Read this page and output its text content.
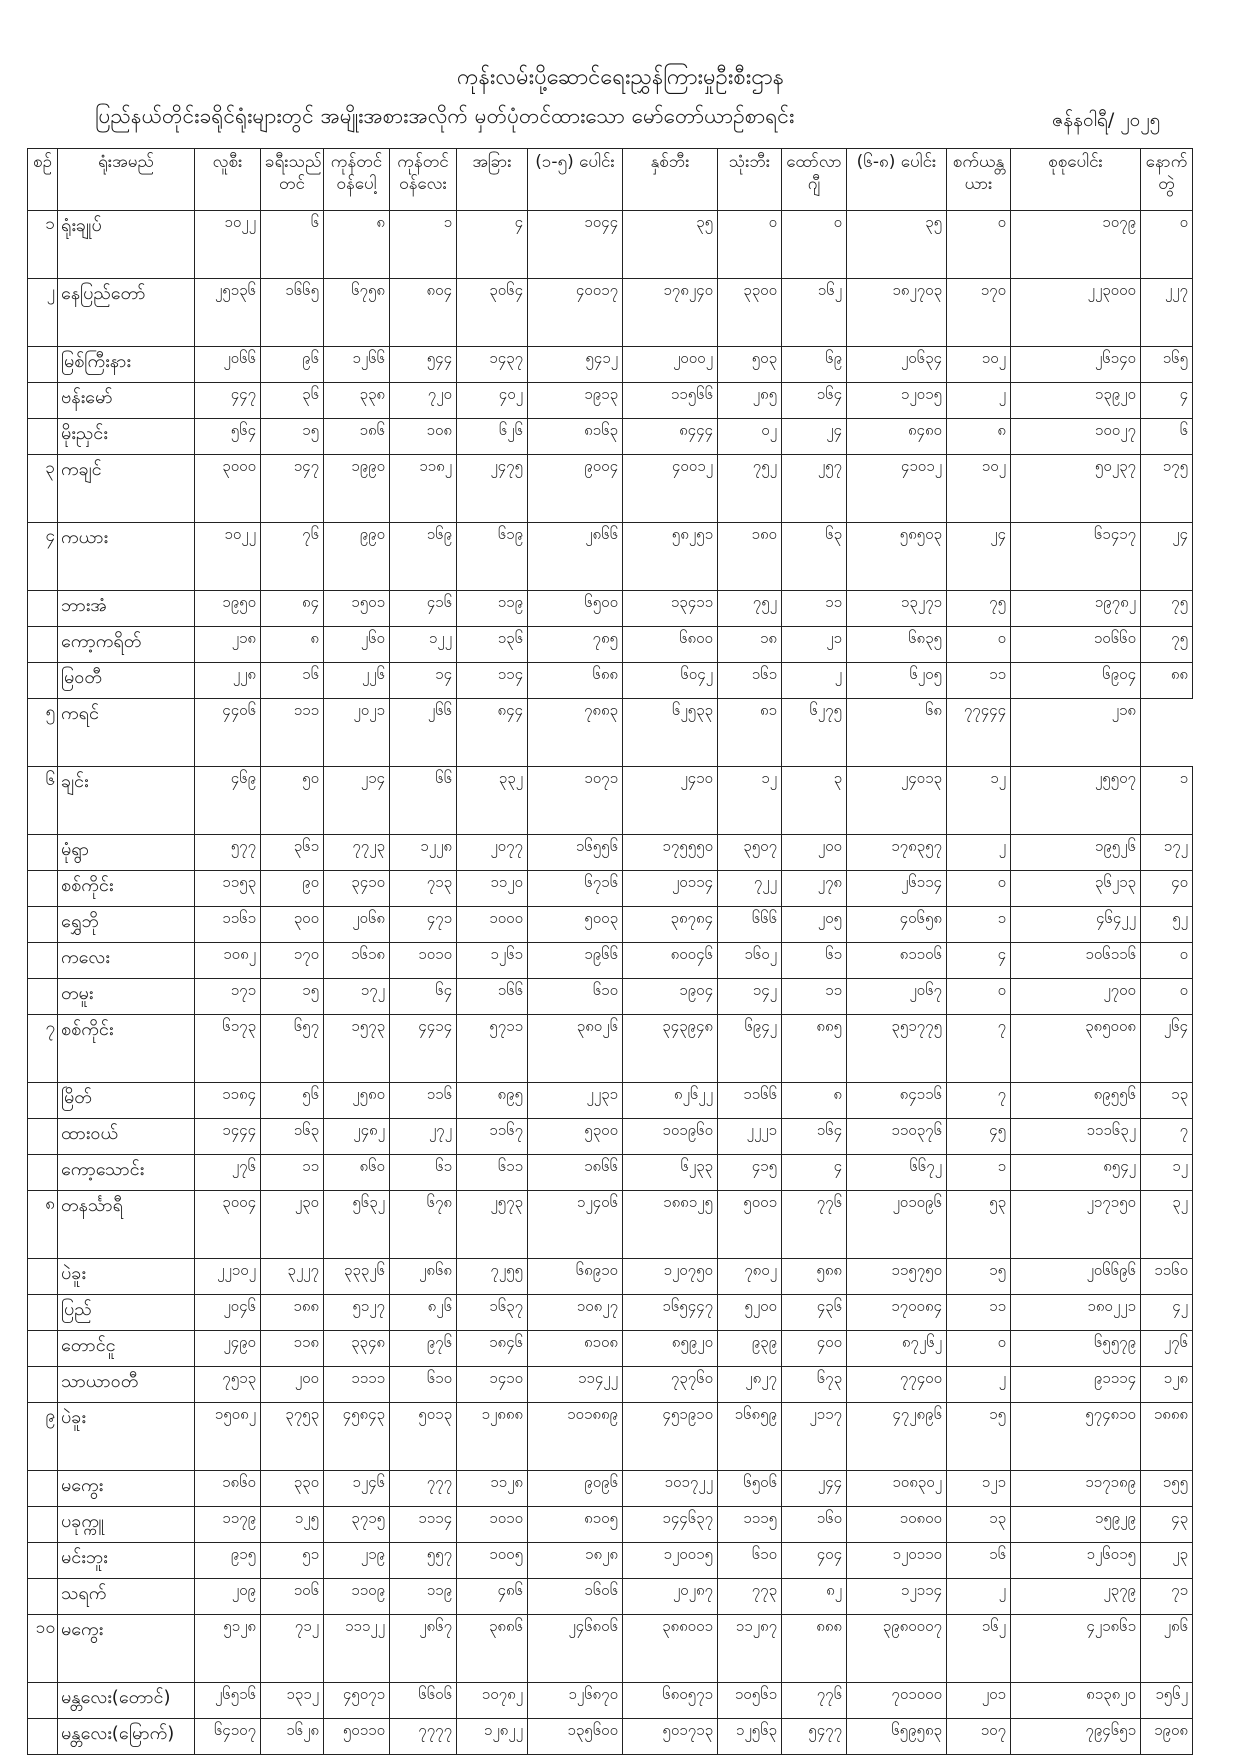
ကုန်းလမ်းပို့ဆောင်ရေးညွှန်ကြားမှုဦးစီးဌာန
ပြည်နယ်တိုင်းခရိုင်ရုံးများတွင် အမျိုးအစားအလိုက် မှတ်ပုံတင်ထားသော မော်တော်ယာဉ်စာရင်း	ဇန်နဝါရီ/ ၂၀၂၅
စဉ်	ရုံးအမည်	လူစီး	ခရီးသည်တင်	ကုန်တင်ဝန်ပေါ့	ကုန်တင်ဝန်လေး	အခြား	(၁-၅) ပေါင်း	နှစ်ဘီး	သုံးဘီး	ထော်လာဂျီ	(၆-၈) ပေါင်း	စက်ယန္တယား	စုစုပေါင်း	နောက်တွဲ
၁	ရုံးချုပ်	၁၀၂၂	၆	၈	၁	၄	၁၀၄၄	၃၅	၀	၀	၃၅	၀	၁၀၇၉	၀
၂	နေပြည်တော်	၂၅၁၃၆	၁၆၆၅	၆၇၅၈	၈၀၄	၃၀၆၄	၄၀၀၁၇	၁၇၈၂၄၀	၃၃၀၀	၁၆၂	၁၈၂၇၀၃	၁၇၀	၂၂၃၀၀၀	၂၂၇
	မြစ်ကြီးနား	၂၀၆၆	၉၆	၁၂၆၆	၅၄၄	၁၄၃၇	၅၄၁၂	၂၀၀၀၂	၅၀၃	၆၉	၂၀၆၃၄	၁၀၂	၂၆၁၄၀	၁၆၅
	ဗန်းမော်	၄၄၇	၃၆	၃၃၈	၇၂၀	၄၀၂	၁၉၁၃	၁၁၅၆၆	၂၈၅	၁၆၄	၁၂၀၁၅	၂	၁၃၉၂၀	၄
	မိုးညှင်း	၅၆၄	၁၅	၁၈၆	၁၀၈	၆၂၆	၈၁၆၃	၈၄၄၄	၀၂	၂၄	၈၄၈၀	၈	၁၀၀၂၇	၆
၃	ကချင်	၃၀၀၀	၁၄၇	၁၉၉၀	၁၁၈၂	၂၄၇၅	၉၀၀၄	၄၀၀၁၂	၇၅၂	၂၅၇	၄၁၀၁၂	၁၀၂	၅၀၂၃၇	၁၇၅
၄	ကယား	၁၀၂၂	၇၆	၉၉၀	၁၆၉	၆၁၉	၂၈၆၆	၅၈၂၅၁	၁၈၀	၆၃	၅၈၅၀၃	၂၄	၆၁၄၁၇	၂၄
	ဘားအံ	၁၉၅၀	၈၄	၁၅၀၁	၄၁၆	၁၁၉	၆၅၀၀	၁၃၄၁၁	၇၅၂	၁၁	၁၃၂၇၁	၇၅	၁၉၇၈၂	၇၅
	ကော့ကရိတ်	၂၁၈	၈	၂၆၀	၁၂၂	၁၃၆	၇၈၅	၆၈၀၀	၁၈	၂၁	၆၈၃၅	၀	၁၀၆၆၀	၇၅
	မြဝတီ	၂၂၈	၁၆	၂၂၆	၁၄	၁၁၄	၆၈၈	၆၀၄၂	၁၆၁	၂	၆၂၀၅	၁၁	၆၉၀၄	၈၈
၅	ကရင်	၄၄၀၆	၁၁၁	၂၀၂၁	၂၆၆	၈၄၄	၇၈၈၃	၆၂၅၃၃	၈၁	၆၂၇၅	၆၈	၇၇၄၄၄	၂၁၈	
၆	ချင်း	၄၆၉	၅၀	၂၁၄	၆၆	၃၃၂	၁၀၇၁	၂၄၁၀	၁၂	၃	၂၄၀၁၃	၁၂	၂၅၅၀၇	၁
	မုံရွာ	၅၇၇	၃၆၁	၇၇၂၃	၁၂၂၈	၂၀၇၇	၁၆၅၅၆	၁၇၅၅၅၀	၃၅၀၇	၂၀၀	၁၇၈၃၅၇	၂	၁၉၅၂၆	၁၇၂
	စစ်ကိုင်း	၁၁၅၃	၉၀	၃၄၁၀	၇၁၃	၁၁၂၀	၆၇၁၆	၂၀၁၁၄	၇၂၂	၂၇၈	၂၆၁၁၄	၀	၃၆၂၁၃	၄၀
	ရွှေဘို	၁၁၆၁	၃၀၀	၂၀၆၈	၄၇၁	၁၀၀၀	၅၀၀၃	၃၈၇၈၄	၆၆၆	၂၀၅	၄၀၆၅၈	၁	၄၆၄၂၂	၅၂
	ကလေး	၁၀၈၂	၁၇၀	၁၆၁၈	၁၀၁၀	၁၂၆၁	၁၉၆၆	၈၀၀၄၆	၁၆၀၂	၆၁	၈၁၁၀၆	၄	၁၀၆၁၁၆	၀
	တမူး	၁၇၁	၁၅	၁၇၂	၆၄	၁၆၆	၆၁၀	၁၉၀၄	၁၄၂	၁၁	၂၀၆၇	၀	၂၇၀၀	၀
၇	စစ်ကိုင်း	၆၁၇၃	၆၅၇	၁၅၇၃	၄၄၁၄	၅၇၁၁	၃၈၀၂၆	၃၄၃၉၄၈	၆၉၄၂	၈၈၅	၃၅၁၇၇၅	၇	၃၈၅၀၀၈	၂၆၄
	မြိတ်	၁၁၈၄	၅၆	၂၅၈၀	၁၁၆	၈၉၅	၂၂၃၁	၈၂၆၂၂	၁၁၆၆	၈	၈၄၁၁၆	၇	၈၉၅၅၆	၁၃
	ထားဝယ်	၁၄၄၄	၁၆၃	၂၄၈၂	၂၇၂	၁၁၆၇	၅၃၀၀	၁၀၁၉၆၀	၂၂၂၁	၁၆၄	၁၁၀၃၇၆	၄၅	၁၁၁၆၃၂	၇
	ကော့သောင်း	၂၇၆	၁၁	၈၆၀	၆၁	၆၁၁	၁၈၆၆	၆၂၃၃	၄၁၅	၄	၆၆၇၂	၁	၈၅၄၂	၁၂
၈	တနင်္သာရီ	၃၀၀၄	၂၃၀	၅၆၃၂	၆၇၈	၂၅၇၃	၁၂၄၀၆	၁၈၈၁၂၅	၅၀၀၁	၇၇၆	၂၀၁၀၉၆	၅၃	၂၁၇၁၅၀	၃၂
	ပဲခူး	၂၂၁၀၂	၃၂၂၇	၃၃၃၂၆	၂၈၆၈	၇၂၅၅	၆၈၉၁၀	၁၂၀၇၅၀	၇၈၀၂	၅၈၈	၁၁၅၇၅၀	၁၅	၂၀၆၆၉၆	၁၁၆၀
	ပြည်	၂၀၄၆	၁၈၈	၅၁၂၇	၈၂၆	၁၆၃၇	၁၀၈၂၇	၁၆၅၄၄၇	၅၂၀၀	၄၃၆	၁၇၀၀၈၄	၁၁	၁၈၀၂၂၁	၄၂
	တောင်ငူ	၂၄၉၀	၁၁၈	၃၃၄၈	၉၇၆	၁၈၄၆	၈၁၀၈	၈၅၉၂၀	၉၃၉	၄၀၀	၈၇၂၆၂	၀	၆၅၅၇၉	၂၇၆
	သာယာဝတီ	၇၅၁၃	၂၀၀	၁၁၁၁	၆၁၀	၁၄၁၀	၁၁၄၂၂	၇၃၇၆၀	၂၈၂၇	၆၇၃	၇၇၄၀၀	၂	၉၁၁၁၄	၁၂၈
၉	ပဲခူး	၁၅၀၈၂	၃၇၅၃	၄၅၈၄၃	၅၀၁၃	၁၂၈၈၈	၁၀၁၈၈၉	၄၅၁၉၁၀	၁၆၈၅၉	၂၁၁၇	၄၇၂၈၉၆	၁၅	၅၇၄၈၁၀	၁၈၈၈
	မကွေး	၁၈၆၀	၃၃၀	၁၂၄၆	၇၇၇	၁၁၂၈	၉၀၉၆	၁၀၁၇၂၂	၆၅၀၆	၂၄၄	၁၀၈၃၀၂	၁၂၁	၁၁၇၁၈၉	၁၅၅
	ပခုက္ကူ	၁၁၇၉	၁၂၅	၃၇၁၅	၁၁၁၄	၁၀၁၀	၈၁၀၅	၁၄၄၆၃၇	၁၁၁၅	၁၆၀	၁၀၈၀၀	၁၃	၁၅၉၂၉	၄၃
	မင်းဘူး	၉၁၅	၅၁	၂၁၉	၅၅၇	၁၀၀၅	၁၈၂၈	၁၂၀၀၁၅	၆၁၀	၄၀၄	၁၂၀၁၁၀	၁၆	၁၂၆၀၁၅	၂၃
	သရက်	၂၀၉	၁၀၆	၁၁၀၉	၁၁၉	၄၈၆	၁၆၀၆	၂၀၂၈၇	၇၇၃	၈၂	၁၂၁၁၄	၂	၂၃၇၉	၇၁
၁၀	မကွေး	၅၁၂၈	၇၁၂	၁၁၁၂၂	၂၈၆၇	၃၈၈၆	၂၄၆၈၀၆	၃၈၈၀၀၁	၁၁၂၈၇	၈၈၈	၃၉၈၀၀၀၇	၁၆၂	၄၂၁၈၆၁	၂၈၆
	မန္တလေး(တောင်)	၂၆၅၁၆	၁၃၁၂	၄၅၀၇၁	၆၆၀၆	၁၀၇၈၂	၁၂၆၈၇၀	၆၈၀၅၇၁	၁၀၅၆၁	၇၇၆	၇၀၁၀၀၀	၂၀၁	၈၁၃၈၂၀	၁၅၆၂
	မန္တလေး(မြောက်)	၆၄၁၀၇	၁၆၂၈	၅၀၁၁၀	၇၇၇၇	၁၂၈၂၂	၁၃၅၆၀၀	၅၀၁၇၁၃	၁၂၅၆၃	၅၄၇၇	၆၅၉၅၈၃	၁၀၇	၇၉၄၆၅၁	၁၉၀၈
